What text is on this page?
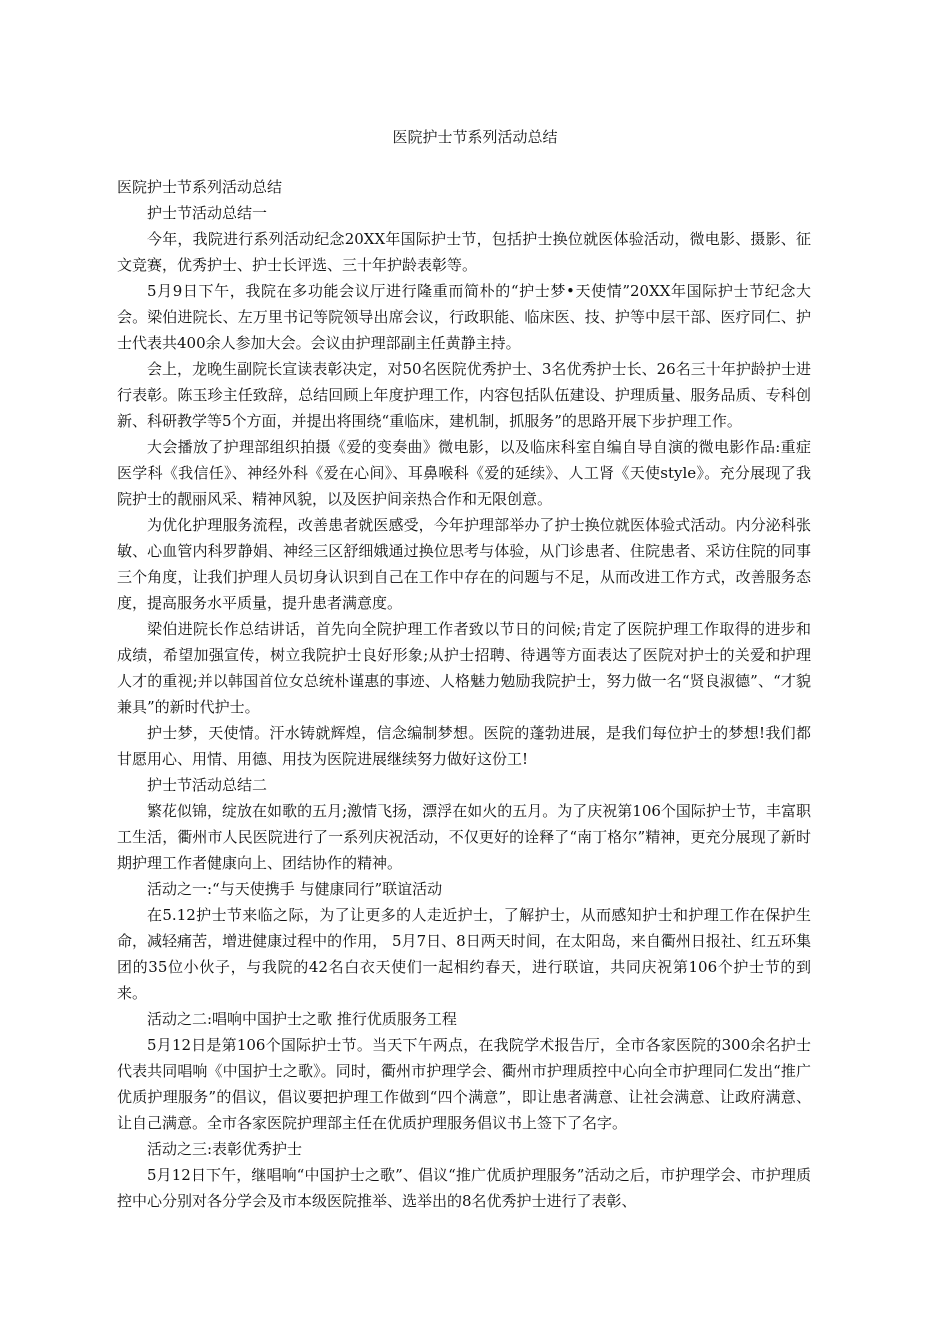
医院护士节系列活动总结

医院护士节系列活动总结

护士节活动总结一

今年，我院进行系列活动纪念20XX年国际护士节，包括护士换位就医体验活动，微电影、摄影、征文竞赛，优秀护士、护士长评选、三十年护龄表彰等。

5月9日下午，我院在多功能会议厅进行隆重而简朴的“护士梦•天使情”20XX年国际护士节纪念大会。梁伯进院长、左万里书记等院领导出席会议，行政职能、临床医、技、护等中层干部、医疗同仁、护士代表共400余人参加大会。会议由护理部副主任黄静主持。

会上，龙晚生副院长宣读表彰决定，对50名医院优秀护士、3名优秀护士长、26名三十年护龄护士进行表彰。陈玉珍主任致辞，总结回顾上年度护理工作，内容包括队伍建设、护理质量、服务品质、专科创新、科研教学等5个方面，并提出将围绕“重临床，建机制，抓服务”的思路开展下步护理工作。

大会播放了护理部组织拍摄《爱的变奏曲》微电影，以及临床科室自编自导自演的微电影作品:重症医学科《我信任》、神经外科《爱在心间》、耳鼻喉科《爱的延续》、人工肾《天使style》。充分展现了我院护士的靓丽风采、精神风貌，以及医护间亲热合作和无限创意。

为优化护理服务流程，改善患者就医感受，今年护理部举办了护士换位就医体验式活动。内分泌科张敏、心血管内科罗静娟、神经三区舒细娥通过换位思考与体验，从门诊患者、住院患者、采访住院的同事三个角度，让我们护理人员切身认识到自己在工作中存在的问题与不足，从而改进工作方式，改善服务态度，提高服务水平质量，提升患者满意度。

梁伯进院长作总结讲话，首先向全院护理工作者致以节日的问候;肯定了医院护理工作取得的进步和成绩，希望加强宣传，树立我院护士良好形象;从护士招聘、待遇等方面表达了医院对护士的关爱和护理人才的重视;并以韩国首位女总统朴谨惠的事迹、人格魅力勉励我院护士，努力做一名“贤良淑德”、“才貌兼具”的新时代护士。

护士梦，天使情。汗水铸就辉煌，信念编制梦想。医院的蓬勃进展，是我们每位护士的梦想!我们都甘愿用心、用情、用德、用技为医院进展继续努力做好这份工!

护士节活动总结二

繁花似锦，绽放在如歌的五月;激情飞扬，漂浮在如火的五月。为了庆祝第106个国际护士节，丰富职工生活，衢州市人民医院进行了一系列庆祝活动，不仅更好的诠释了“南丁格尔”精神，更充分展现了新时期护理工作者健康向上、团结协作的精神。

活动之一:“与天使携手 与健康同行”联谊活动

在5.12护士节来临之际，为了让更多的人走近护士，了解护士，从而感知护士和护理工作在保护生命，减轻痛苦，增进健康过程中的作用， 5月7日、8日两天时间，在太阳岛，来自衢州日报社、红五环集团的35位小伙子，与我院的42名白衣天使们一起相约春天，进行联谊，共同庆祝第106个护士节的到来。

活动之二:唱响中国护士之歌 推行优质服务工程

5月12日是第106个国际护士节。当天下午两点，在我院学术报告厅，全市各家医院的300余名护士代表共同唱响《中国护士之歌》。同时，衢州市护理学会、衢州市护理质控中心向全市护理同仁发出“推广优质护理服务”的倡议，倡议要把护理工作做到“四个满意”，即让患者满意、让社会满意、让政府满意、让自己满意。全市各家医院护理部主任在优质护理服务倡议书上签下了名字。

活动之三:表彰优秀护士

5月12日下午，继唱响“中国护士之歌”、倡议“推广优质护理服务”活动之后，市护理学会、市护理质控中心分别对各分学会及市本级医院推举、选举出的8名优秀护士进行了表彰、
